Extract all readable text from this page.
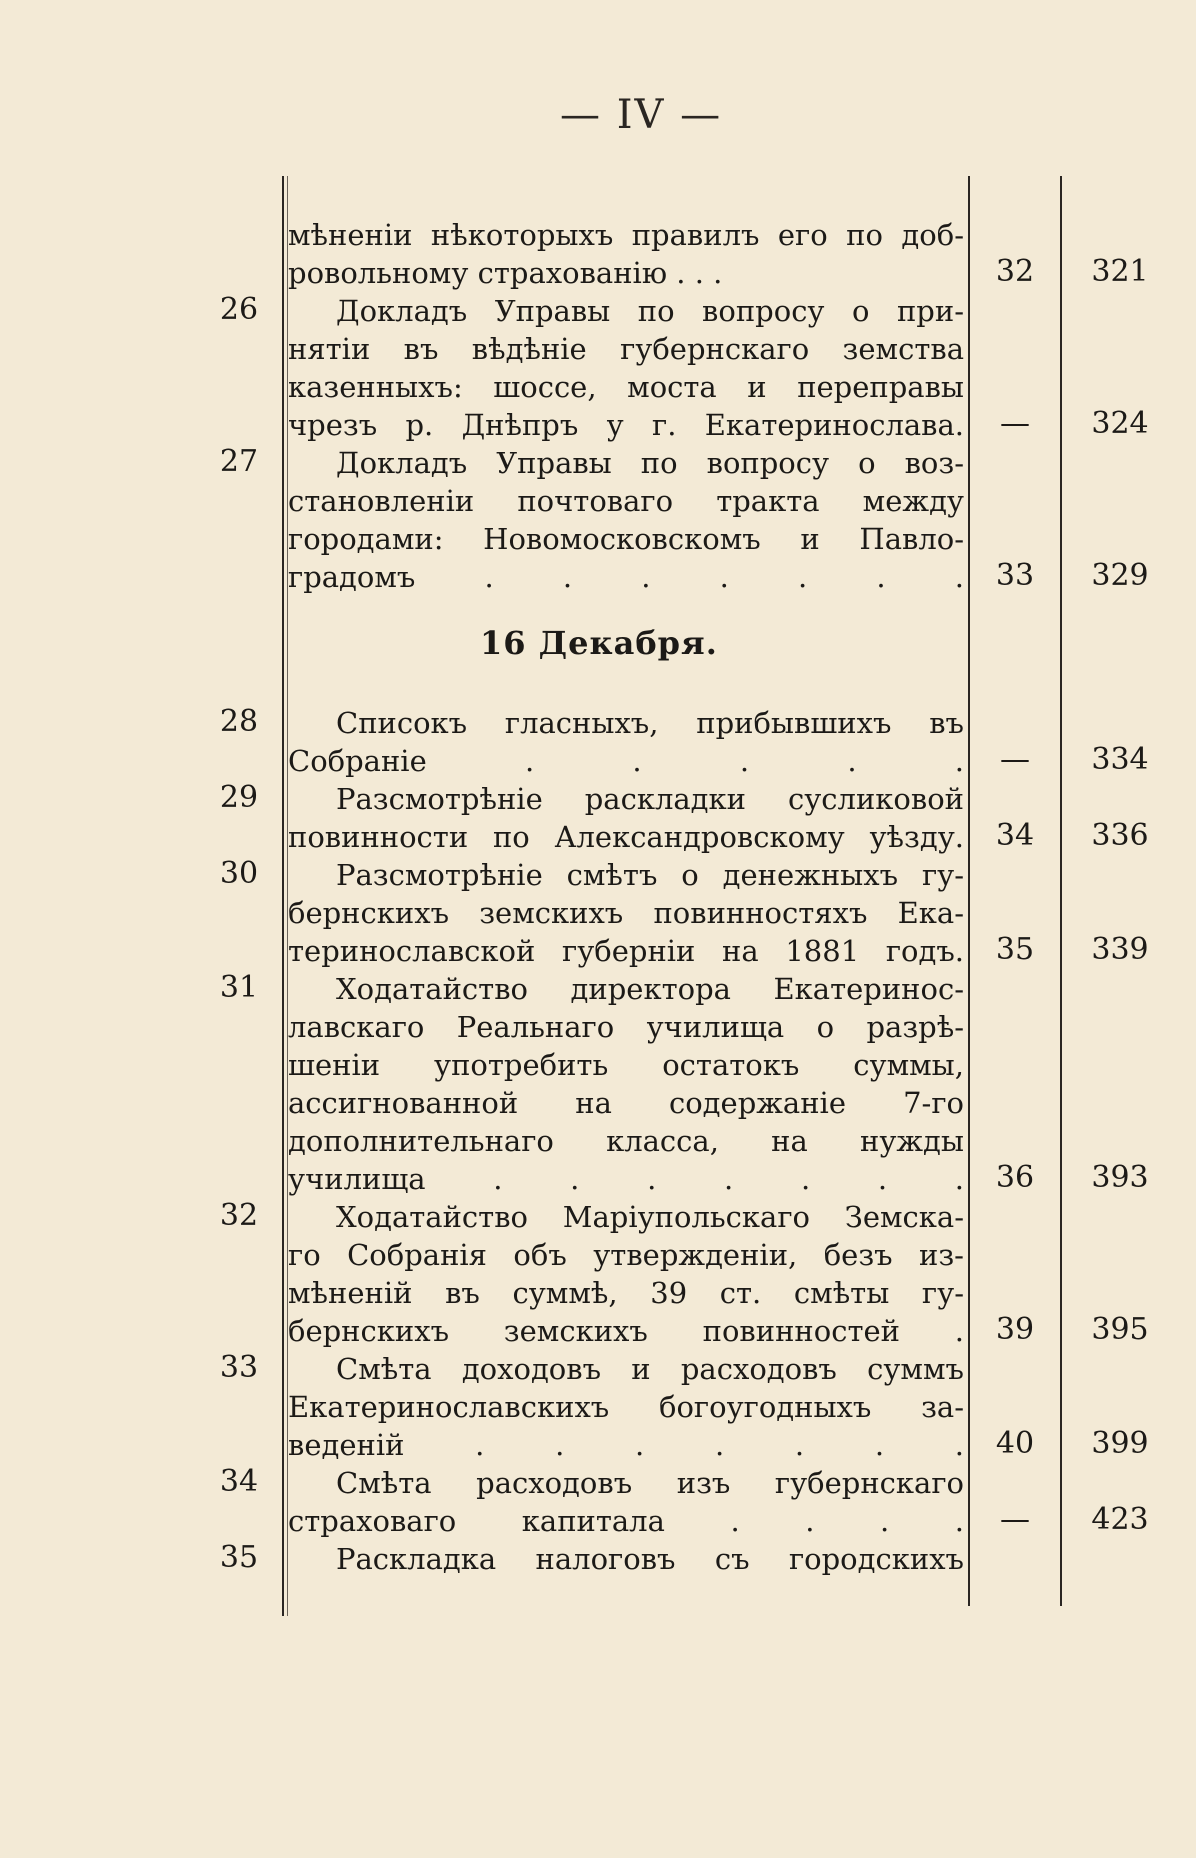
— IV —
мѣненіи нѣкоторыхъ правилъ его по доб-
ровольному страхованію . . .	32	321
26	Докладъ Управы по вопросу о при-
нятіи въ вѣдѣніе губернскаго земства
казенныхъ: шоссе, моста и переправы
чрезъ р. Днѣпръ у г. Екатеринослава.	—	324
27	Докладъ Управы по вопросу о воз-
становленіи почтоваго тракта между
городами: Новомосковскомъ и Павло-
градомъ . . . . . . .	33	329
16 Декабря.
28	Списокъ гласныхъ, прибывшихъ въ
Собраніе . . . . .	—	334
29	Разсмотрѣніе раскладки сусликовой
повинности по Александровскому уѣзду.	34	336
30	Разсмотрѣніе смѣтъ о денежныхъ гу-
бернскихъ земскихъ повинностяхъ Ека-
теринославской губерніи на 1881 годъ.	35	339
31	Ходатайство директора Екатеринос-
лавскаго Реальнаго училища о разрѣ-
шеніи употребить остатокъ суммы,
ассигнованной на содержаніе 7-го
дополнительнаго класса, на нужды
училища . . . . . . .	36	393
32	Ходатайство Маріупольскаго Земска-
го Собранія объ утвержденіи, безъ из-
мѣненій въ суммѣ, 39 ст. смѣты гу-
бернскихъ земскихъ повинностей .	39	395
33	Смѣта доходовъ и расходовъ суммъ
Екатеринославскихъ богоугодныхъ за-
веденій . . . . . . .	40	399
34	Смѣта расходовъ изъ губернскаго
страховаго капитала . . . .	—	423
35	Раскладка налоговъ съ городскихъ
